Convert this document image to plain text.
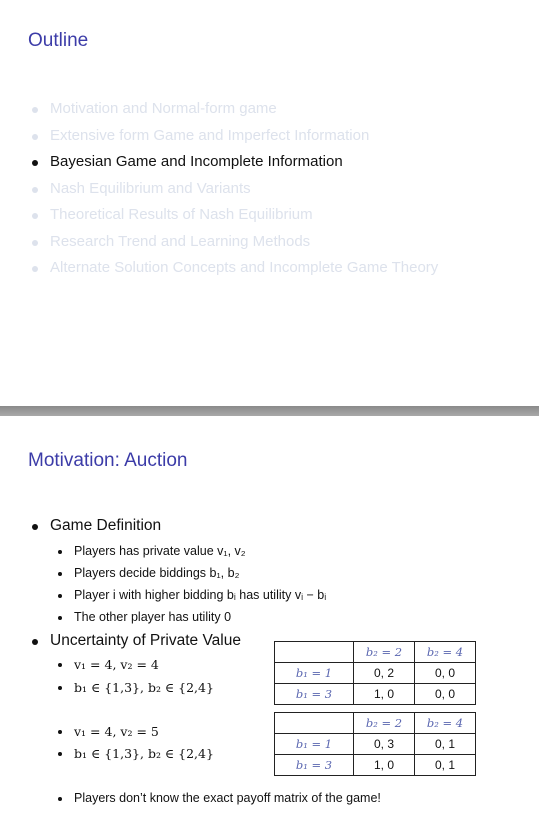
Outline
Motivation and Normal-form game
Extensive form Game and Imperfect Information
Bayesian Game and Incomplete Information
Nash Equilibrium and Variants
Theoretical Results of Nash Equilibrium
Research Trend and Learning Methods
Alternate Solution Concepts and Incomplete Game Theory
Motivation: Auction
Game Definition
Players has private value v₁, v₂
Players decide biddings b₁, b₂
Player i with higher bidding bᵢ has utility vᵢ − bᵢ
The other player has utility 0
Uncertainty of Private Value
v₁ = 4, v₂ = 4
b₁ ∈ {1,3}, b₂ ∈ {2,4}
v₁ = 4, v₂ = 5
b₁ ∈ {1,3}, b₂ ∈ {2,4}
Players don’t know the exact payoff matrix of the game!
	b₂ = 2	b₂ = 4
b₁ = 1	0, 2	0, 0
b₁ = 3	1, 0	0, 0
	b₂ = 2	b₂ = 4
b₁ = 1	0, 3	0, 1
b₁ = 3	1, 0	0, 1
